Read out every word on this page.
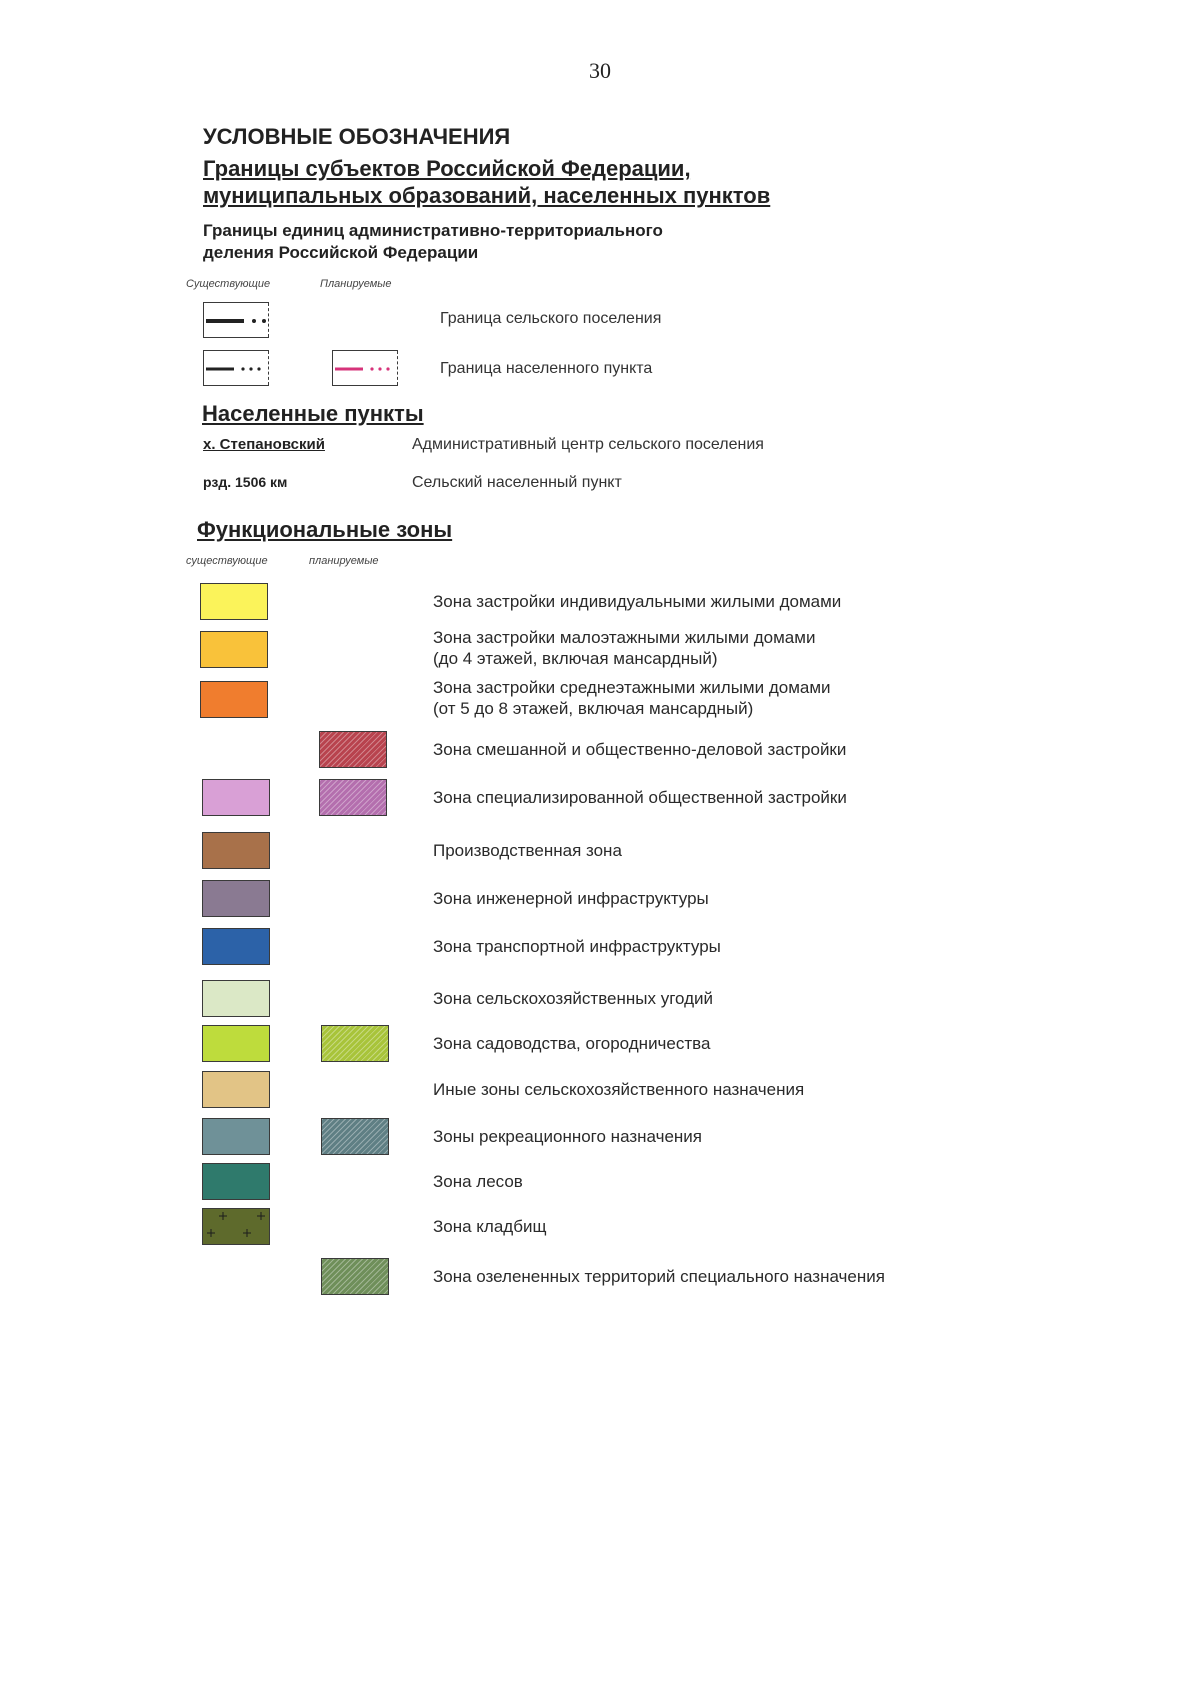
30
УСЛОВНЫЕ ОБОЗНАЧЕНИЯ
Границы субъектов Российской Федерации,
муниципальных образований, населенных пунктов
Границы единиц административно-территориального
деления Российской Федерации
Существующие	Планируемые
Граница сельского поселения
Граница населенного пункта
Населенные пункты
х. Степановский	Административный центр сельского поселения
рзд. 1506 км	Сельский населенный пункт
Функциональные зоны
существующие	планируемые
Зона застройки индивидуальными жилыми домами
Зона застройки малоэтажными жилыми домами
(до 4 этажей, включая мансардный)
Зона застройки среднеэтажными жилыми домами
(от 5 до 8 этажей, включая мансардный)
Зона смешанной и общественно-деловой застройки
Зона специализированной общественной застройки
Производственная зона
Зона инженерной инфраструктуры
Зона транспортной инфраструктуры
Зона сельскохозяйственных угодий
Зона садоводства, огородничества
Иные зоны сельскохозяйственного назначения
Зоны рекреационного назначения
Зона лесов
Зона кладбищ
Зона озелененных территорий специального назначения
